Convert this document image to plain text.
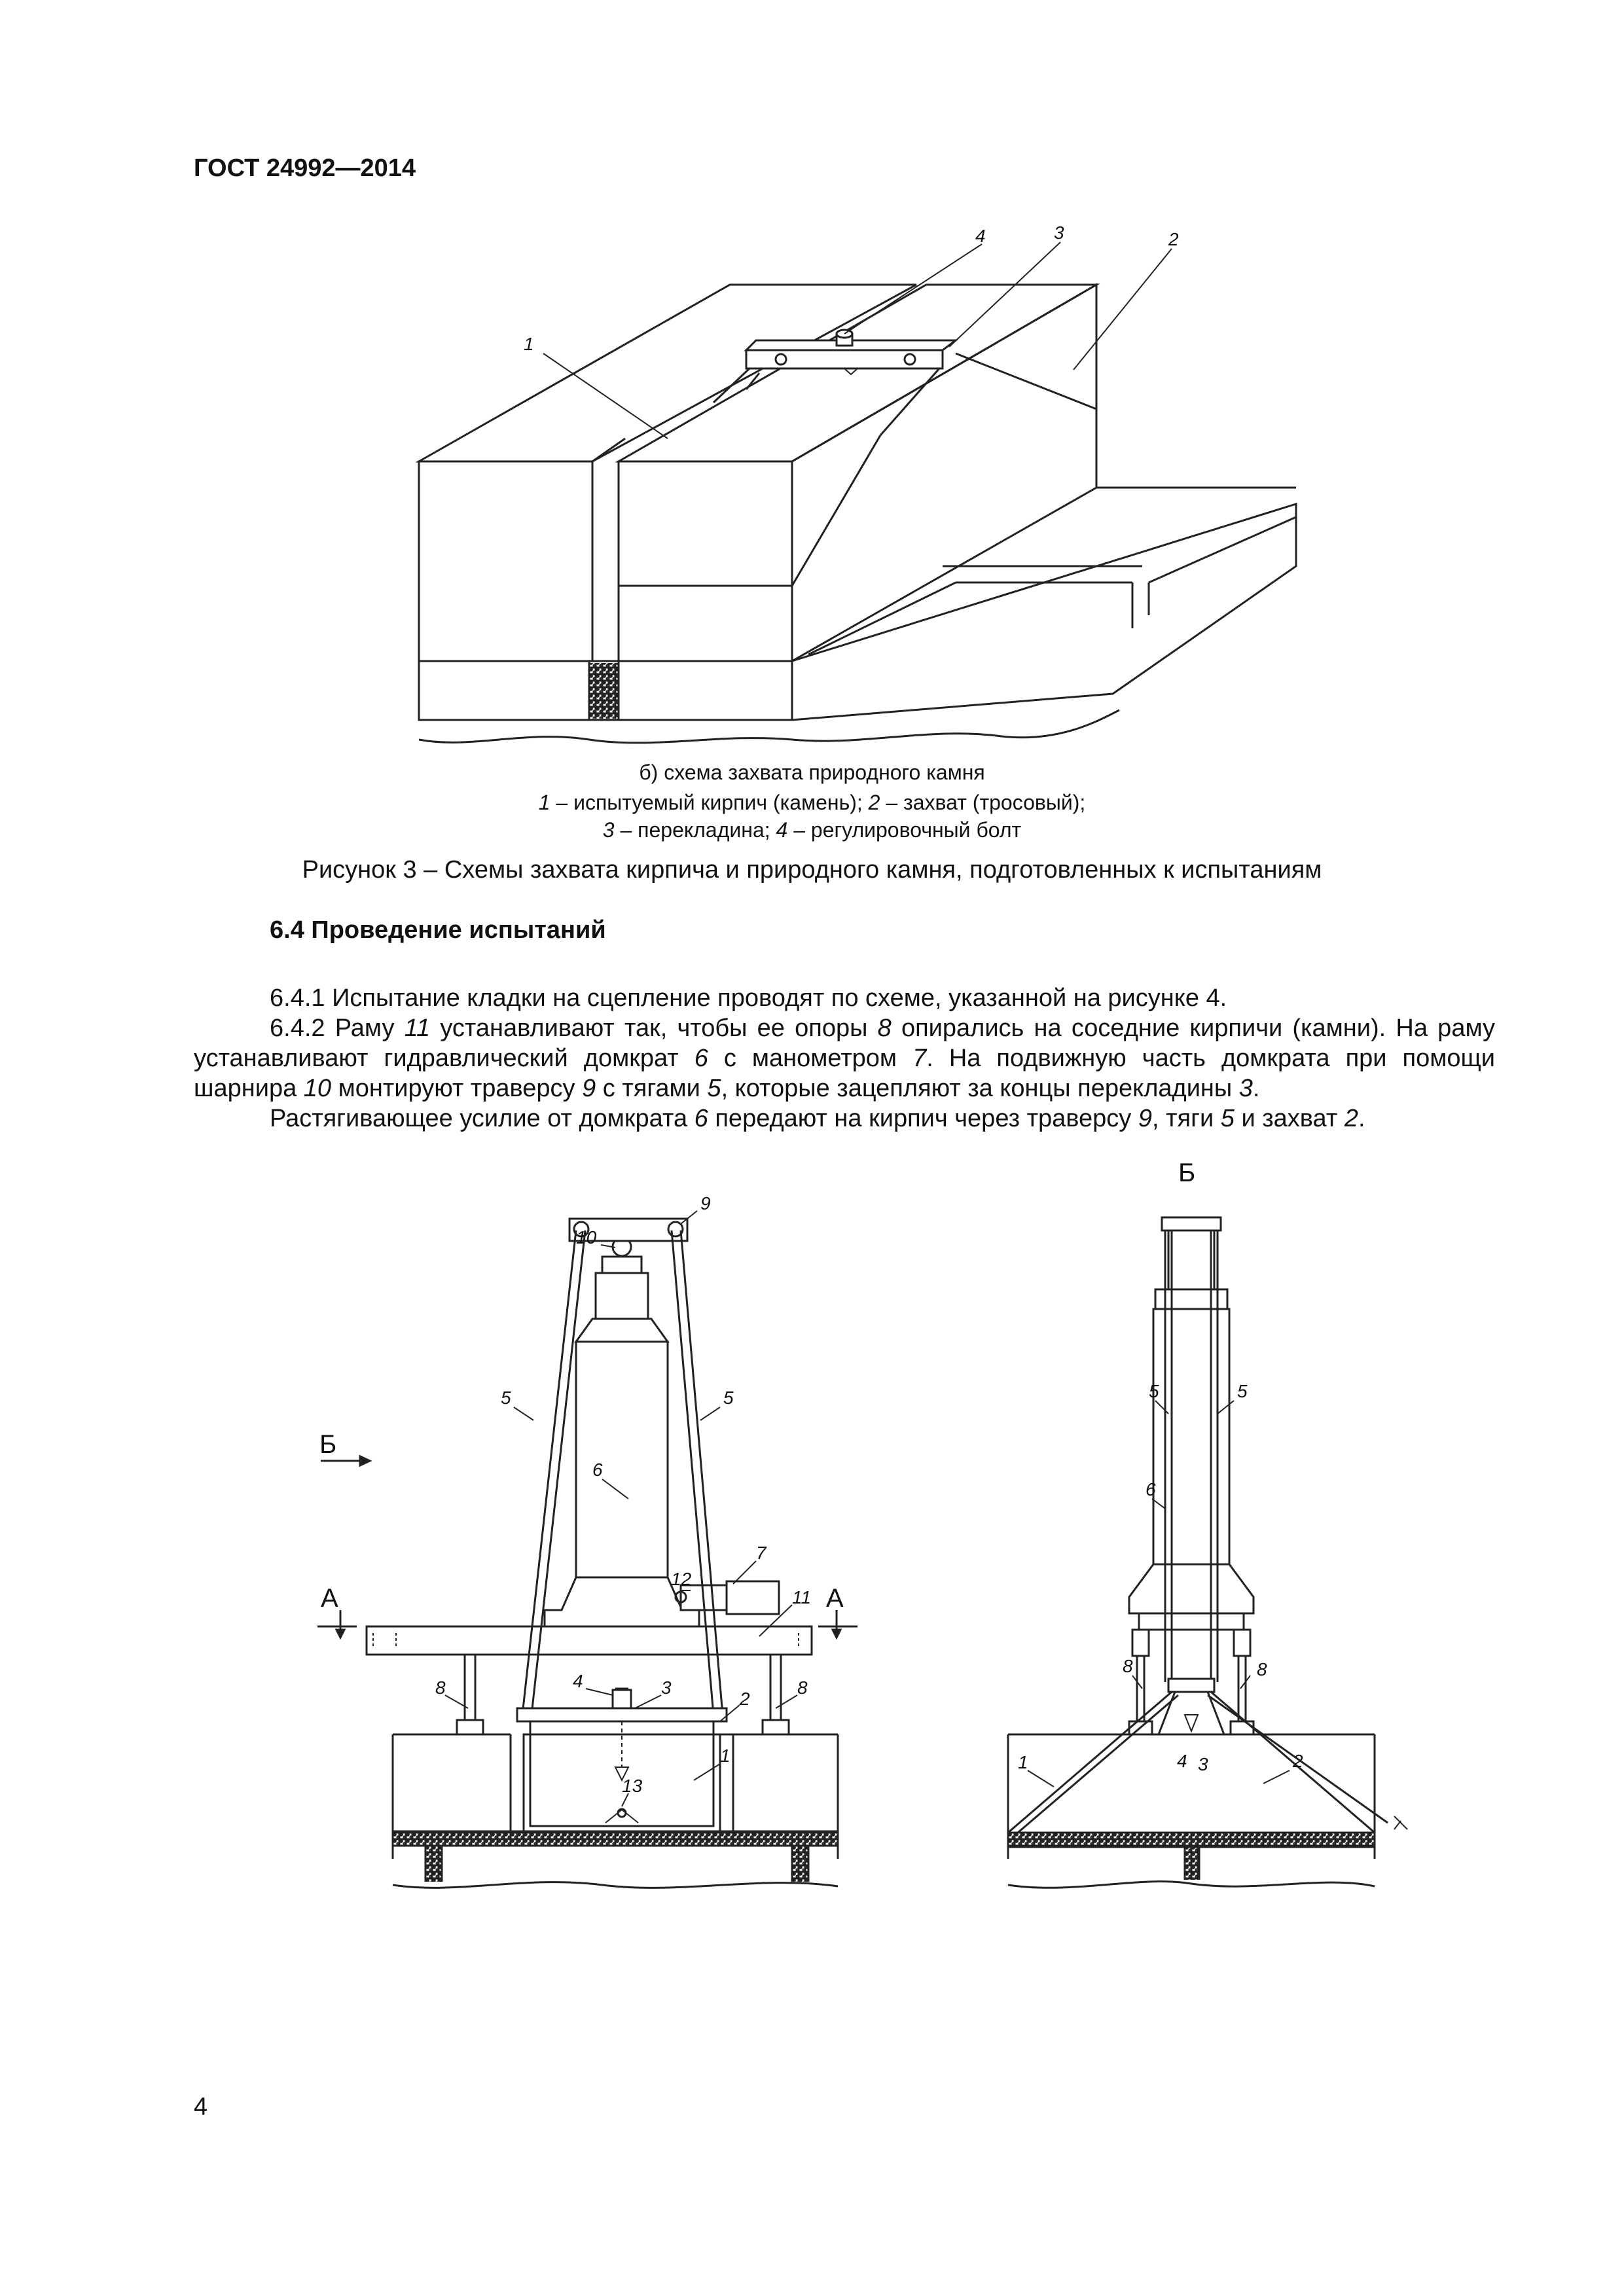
ГОСТ 24992—2014
1
2
3
4
б) схема захвата природного камня
1 – испытуемый кирпич (камень); 2 – захват (тросовый);
3 – перекладина; 4 – регулировочный болт
Рисунок 3 – Схемы захвата кирпича и природного камня, подготовленных к испытаниям
6.4 Проведение испытаний
6.4.1 Испытание кладки на сцепление проводят по схеме, указанной на рисунке 4.
6.4.2 Раму 11 устанавливают так, чтобы ее опоры 8 опирались на соседние кирпичи (камни). На раму устанавливают гидравлический домкрат 6 с манометром 7. На подвижную часть домкрата при помощи шарнира 10 монтируют траверсу 9 с тягами 5, которые зацепляют за концы перекладины 3.
Растягивающее усилие от домкрата 6 передают на кирпич через траверсу 9, тяги 5 и захват 2.
9
10
5	5
6
7
12
11
8	8
4	3
2
1
13
Б
А	А
5	5
6
8	8
1	2
4 3
Б
4
